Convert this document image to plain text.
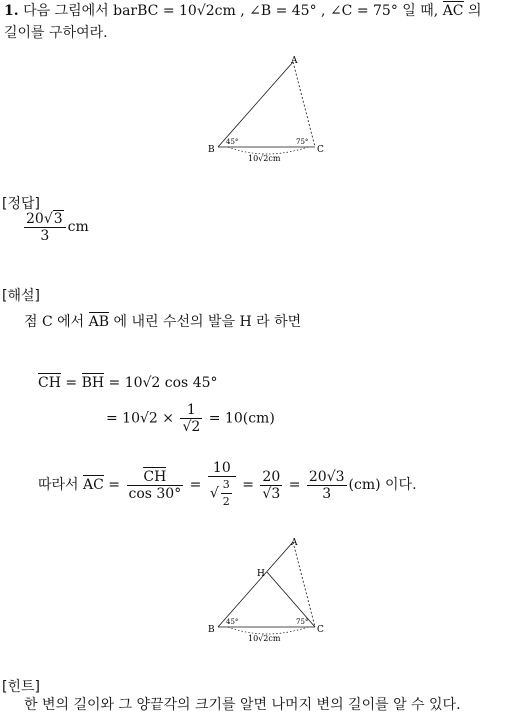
1. 다음 그림에서 barBC = 10√2cm , ∠B = 45° , ∠C = 75° 일 때, AC 의
길이를 구하여라.
A
B	C
45°	75°
10√2cm
[정답]
$\frac{20√3}{3}$ cm
[해설]
점 C 에서 AB 에 내린 수선의 발을 H 라 하면
CH = BH = 10√2 cos 45°
= $10√2 \times \frac{1}{√2} = 10(cm)$
따라서 AC = $\frac{CH}{\cos 30^\circ} = \frac{10}{√ \frac{3}{2}} = \frac{20}{√3} = \frac{20√3}{3} (cm)$ 이다.
A
H
B	C
45°	75°
10√2cm
[힌트]
한 변의 길이와 그 양끝각의 크기를 알면 나머지 변의 길이를 알 수 있다.
